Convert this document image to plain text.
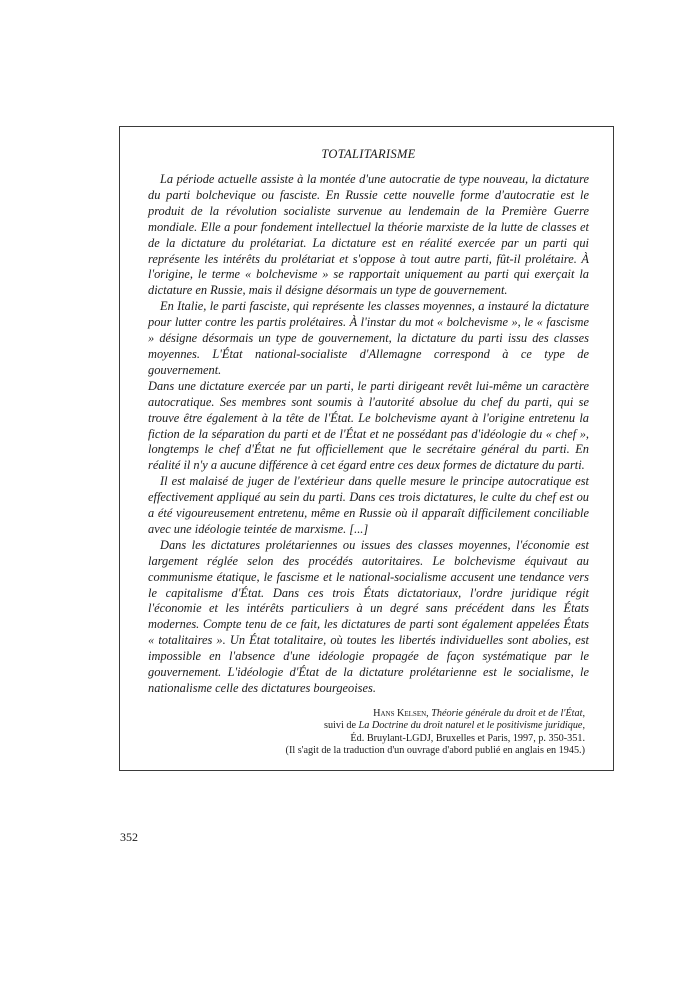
TOTALITARISME

La période actuelle assiste à la montée d'une autocratie de type nouveau, la dictature du parti bolchevique ou fasciste. En Russie cette nouvelle forme d'autocratie est le produit de la révolution socialiste survenue au lendemain de la Première Guerre mondiale. Elle a pour fondement intellectuel la théorie marxiste de la lutte de classes et de la dictature du prolétariat. La dictature est en réalité exercée par un parti qui représente les intérêts du prolétariat et s'oppose à tout autre parti, fût-il prolétaire. À l'origine, le terme « bolchevisme » se rapportait uniquement au parti qui exerçait la dictature en Russie, mais il désigne désormais un type de gouvernement.

En Italie, le parti fasciste, qui représente les classes moyennes, a instauré la dictature pour lutter contre les partis prolétaires. À l'instar du mot « bolchevisme », le « fascisme » désigne désormais un type de gouvernement, la dictature du parti issu des classes moyennes. L'État national-socialiste d'Allemagne correspond à ce type de gouvernement.

Dans une dictature exercée par un parti, le parti dirigeant revêt lui-même un caractère autocratique. Ses membres sont soumis à l'autorité absolue du chef du parti, qui se trouve être également à la tête de l'État. Le bolchevisme ayant à l'origine entretenu la fiction de la séparation du parti et de l'État et ne possédant pas d'idéologie du « chef », longtemps le chef d'État ne fut officiellement que le secrétaire général du parti. En réalité il n'y a aucune différence à cet égard entre ces deux formes de dictature du parti.

Il est malaisé de juger de l'extérieur dans quelle mesure le principe autocratique est effectivement appliqué au sein du parti. Dans ces trois dictatures, le culte du chef est ou a été vigoureusement entretenu, même en Russie où il apparaît difficilement conciliable avec une idéologie teintée de marxisme. [...]

Dans les dictatures prolétariennes ou issues des classes moyennes, l'économie est largement réglée selon des procédés autoritaires. Le bolchevisme équivaut au communisme étatique, le fascisme et le national-socialisme accusent une tendance vers le capitalisme d'État. Dans ces trois États dictatoriaux, l'ordre juridique régit l'économie et les intérêts particuliers à un degré sans précédent dans les États modernes. Compte tenu de ce fait, les dictatures de parti sont également appelées États « totalitaires ». Un État totalitaire, où toutes les libertés individuelles sont abolies, est impossible en l'absence d'une idéologie propagée de façon systématique par le gouvernement. L'idéologie d'État de la dictature prolétarienne est le socialisme, le nationalisme celle des dictatures bourgeoises.

Hans Kelsen, Théorie générale du droit et de l'État,
suivi de La Doctrine du droit naturel et le positivisme juridique,
Éd. Bruylant-LGDJ, Bruxelles et Paris, 1997, p. 350-351.
(Il s'agit de la traduction d'un ouvrage d'abord publié en anglais en 1945.)
352
